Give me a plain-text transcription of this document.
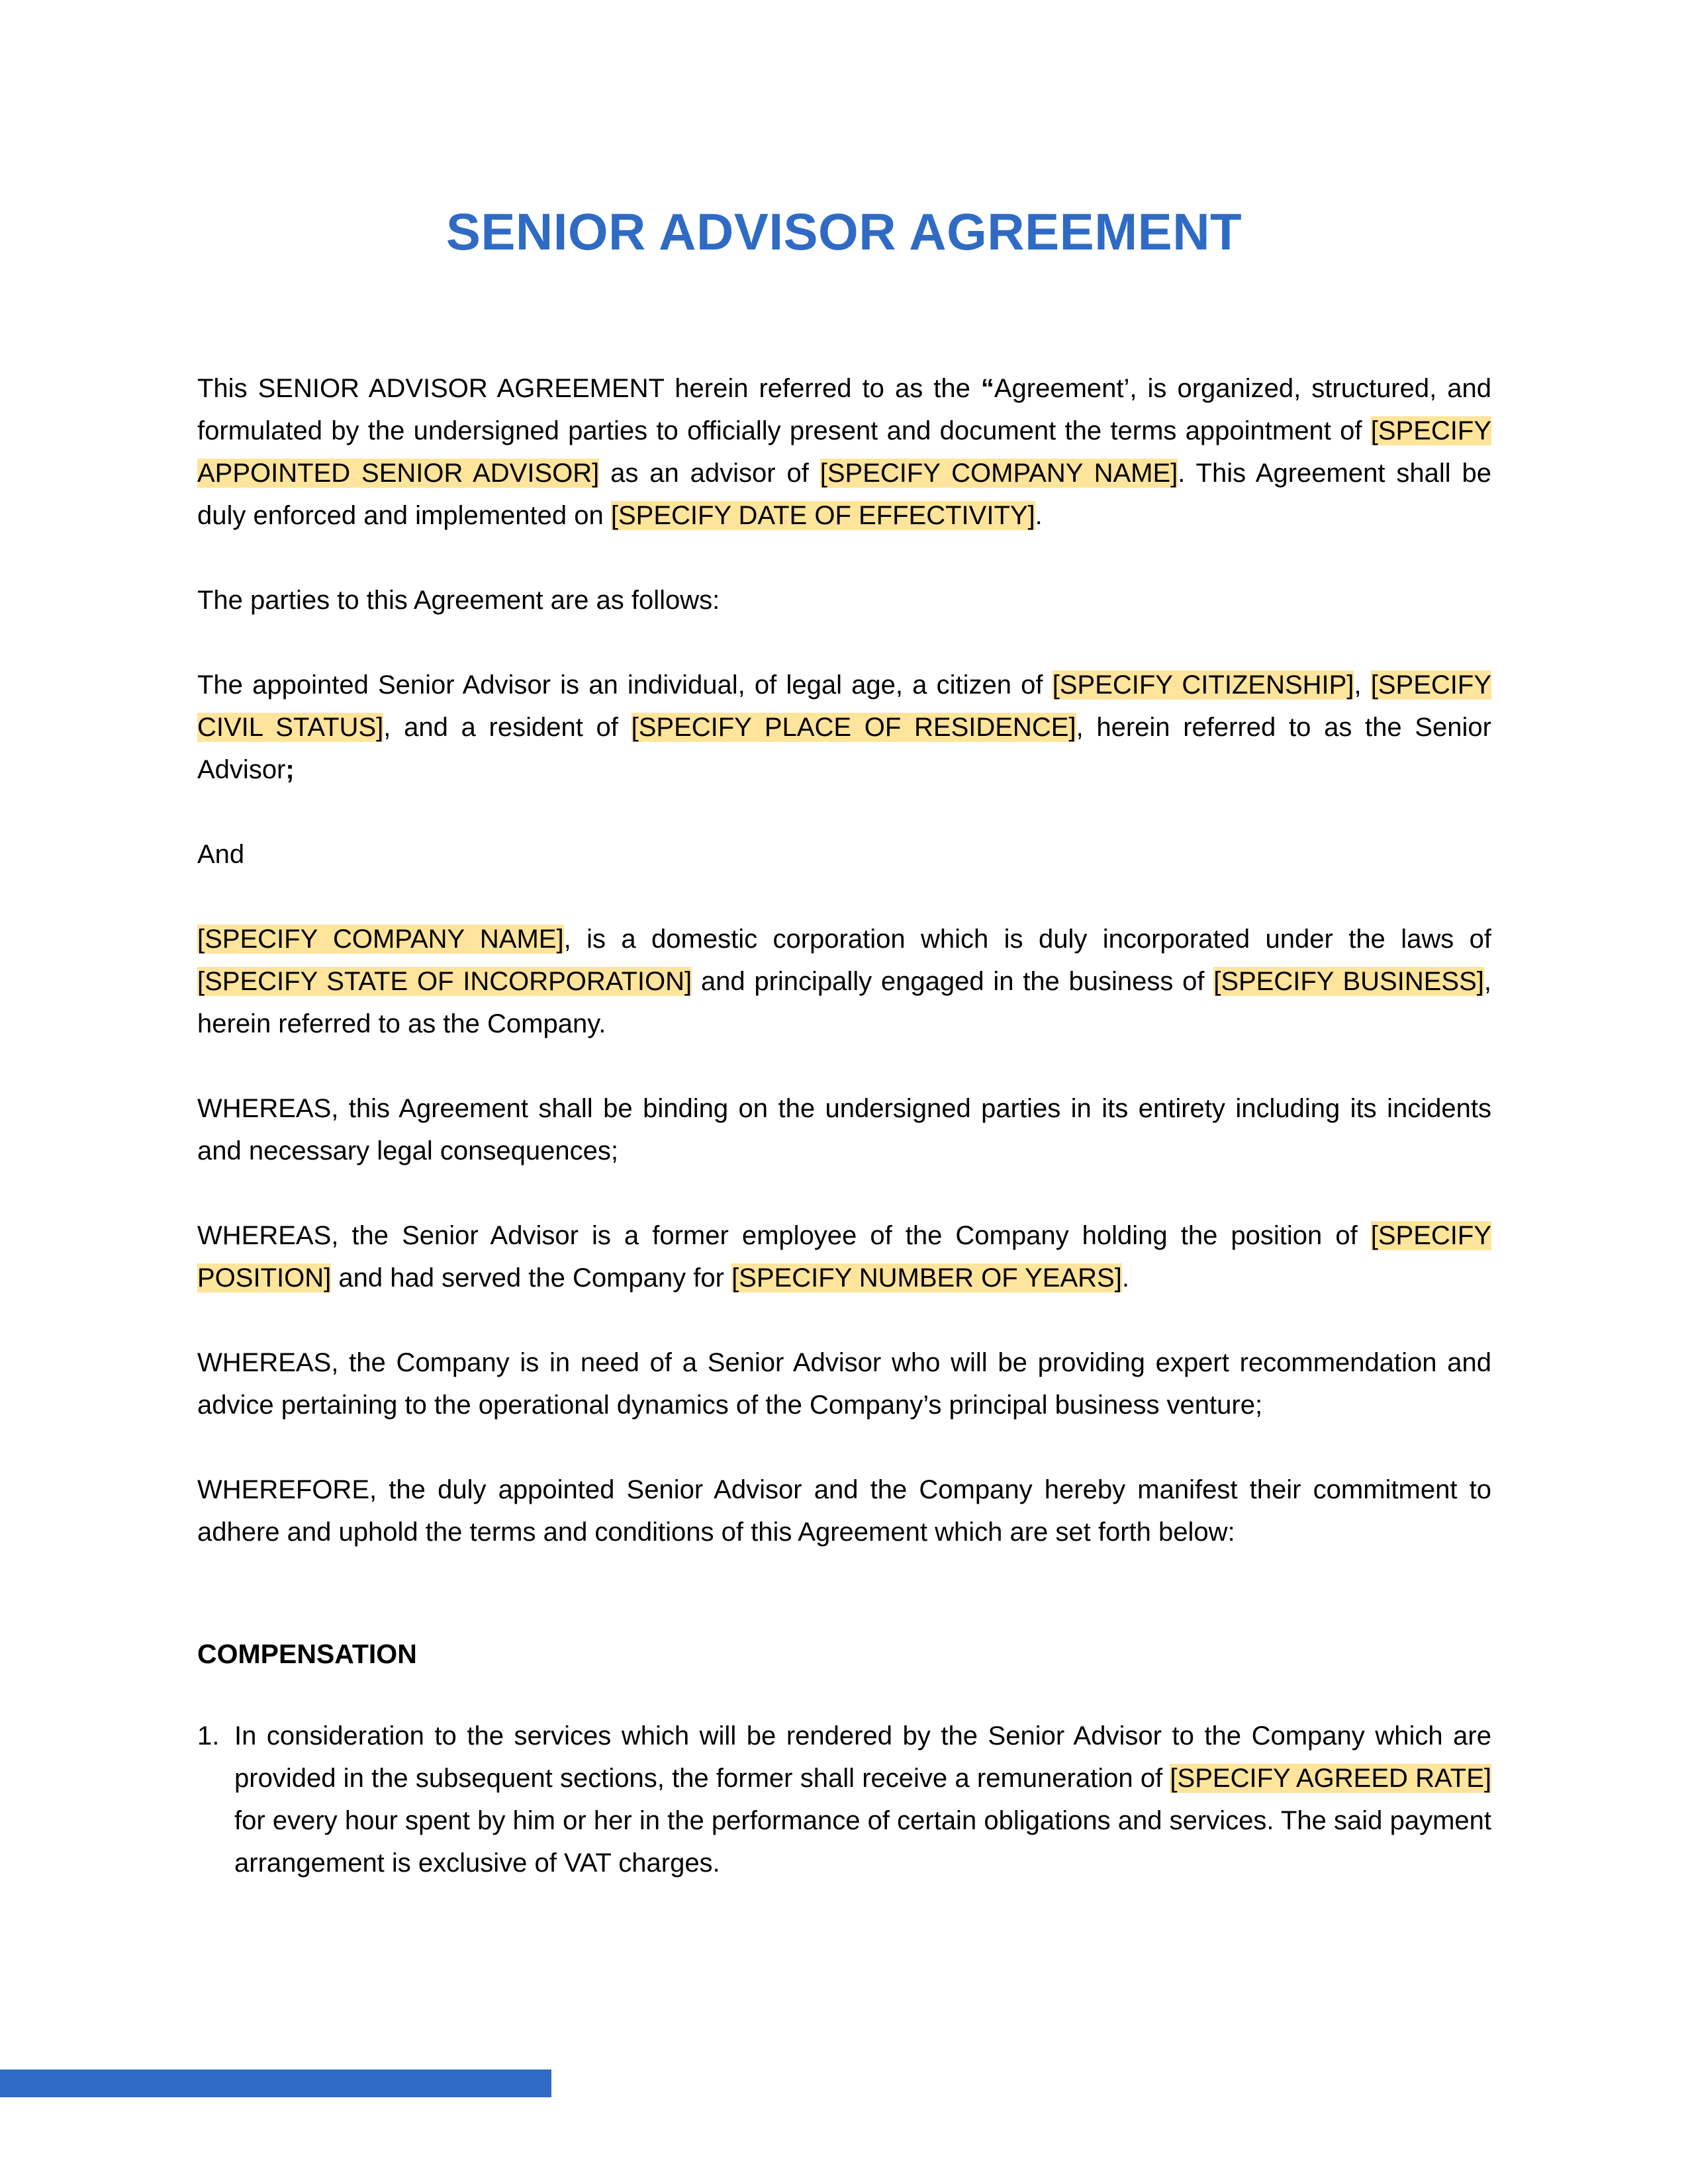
SENIOR ADVISOR AGREEMENT

This SENIOR ADVISOR AGREEMENT herein referred to as the “Agreement’, is organized, structured, and formulated by the undersigned parties to officially present and document the terms appointment of [SPECIFY APPOINTED SENIOR ADVISOR] as an advisor of [SPECIFY COMPANY NAME]. This Agreement shall be duly enforced and implemented on [SPECIFY DATE OF EFFECTIVITY].

The parties to this Agreement are as follows:

The appointed Senior Advisor is an individual, of legal age, a citizen of [SPECIFY CITIZENSHIP], [SPECIFY CIVIL STATUS], and a resident of [SPECIFY PLACE OF RESIDENCE], herein referred to as the Senior Advisor;

And

[SPECIFY COMPANY NAME], is a domestic corporation which is duly incorporated under the laws of [SPECIFY STATE OF INCORPORATION] and principally engaged in the business of [SPECIFY BUSINESS], herein referred to as the Company.

WHEREAS, this Agreement shall be binding on the undersigned parties in its entirety including its incidents and necessary legal consequences;

WHEREAS, the Senior Advisor is a former employee of the Company holding the position of [SPECIFY POSITION] and had served the Company for [SPECIFY NUMBER OF YEARS].

WHEREAS, the Company is in need of a Senior Advisor who will be providing expert recommendation and advice pertaining to the operational dynamics of the Company’s principal business venture;

WHEREFORE, the duly appointed Senior Advisor and the Company hereby manifest their commitment to adhere and uphold the terms and conditions of this Agreement which are set forth below:

COMPENSATION
1. In consideration to the services which will be rendered by the Senior Advisor to the Company which are provided in the subsequent sections, the former shall receive a remuneration of [SPECIFY AGREED RATE] for every hour spent by him or her in the performance of certain obligations and services. The said payment arrangement is exclusive of VAT charges.
